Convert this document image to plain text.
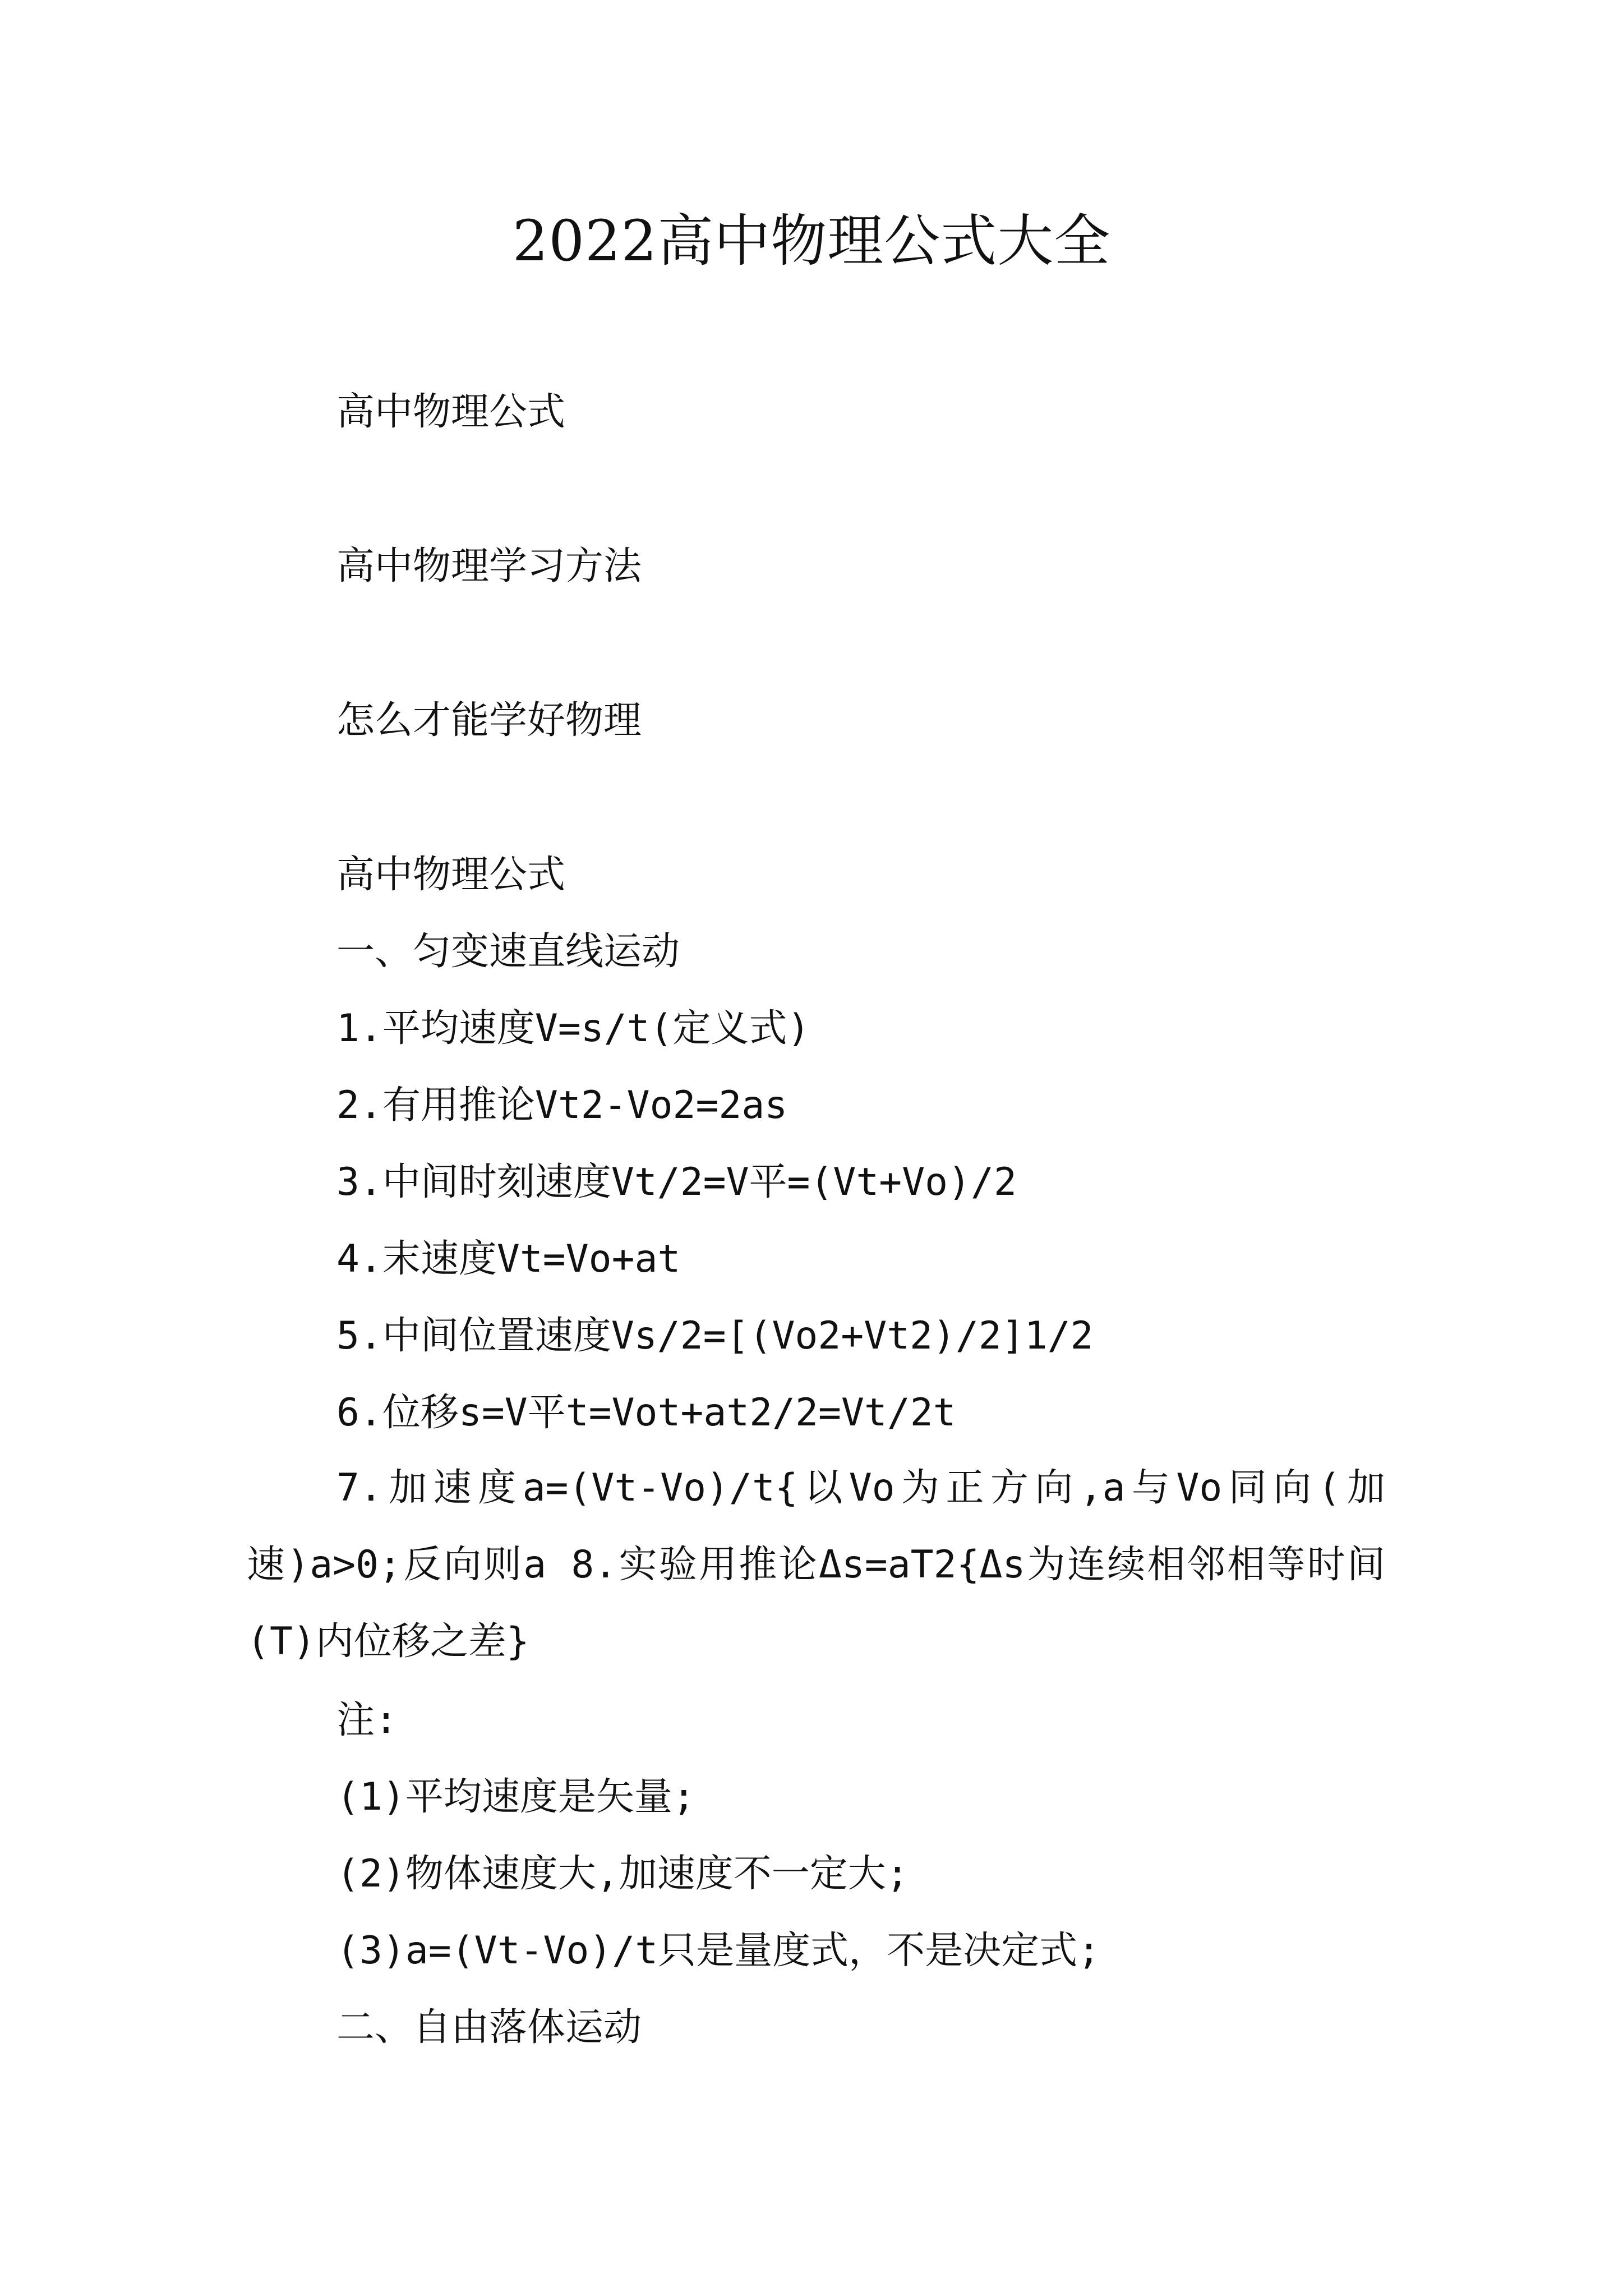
2022高中物理公式大全
高中物理公式
高中物理学习方法
怎么才能学好物理
高中物理公式
一、匀变速直线运动
1.平均速度V=s/t(定义式)
2.有用推论Vt2-Vo2=2as
3.中间时刻速度Vt/2=V平=(Vt+Vo)/2
4.末速度Vt=Vo+at
5.中间位置速度Vs/2=[(Vo2+Vt2)/2]1/2
6.位移s=V平t=Vot+at2/2=Vt/2t
7.加速度a=(Vt-Vo)/t{以Vo为正方向,a与Vo同向(加速)a>0;反向则a 8.实验用推论Δs=aT2{Δs为连续相邻相等时间(T)内位移之差}
注:
(1)平均速度是矢量;
(2)物体速度大,加速度不一定大;
(3)a=(Vt-Vo)/t只是量度式，不是决定式;
二、自由落体运动
